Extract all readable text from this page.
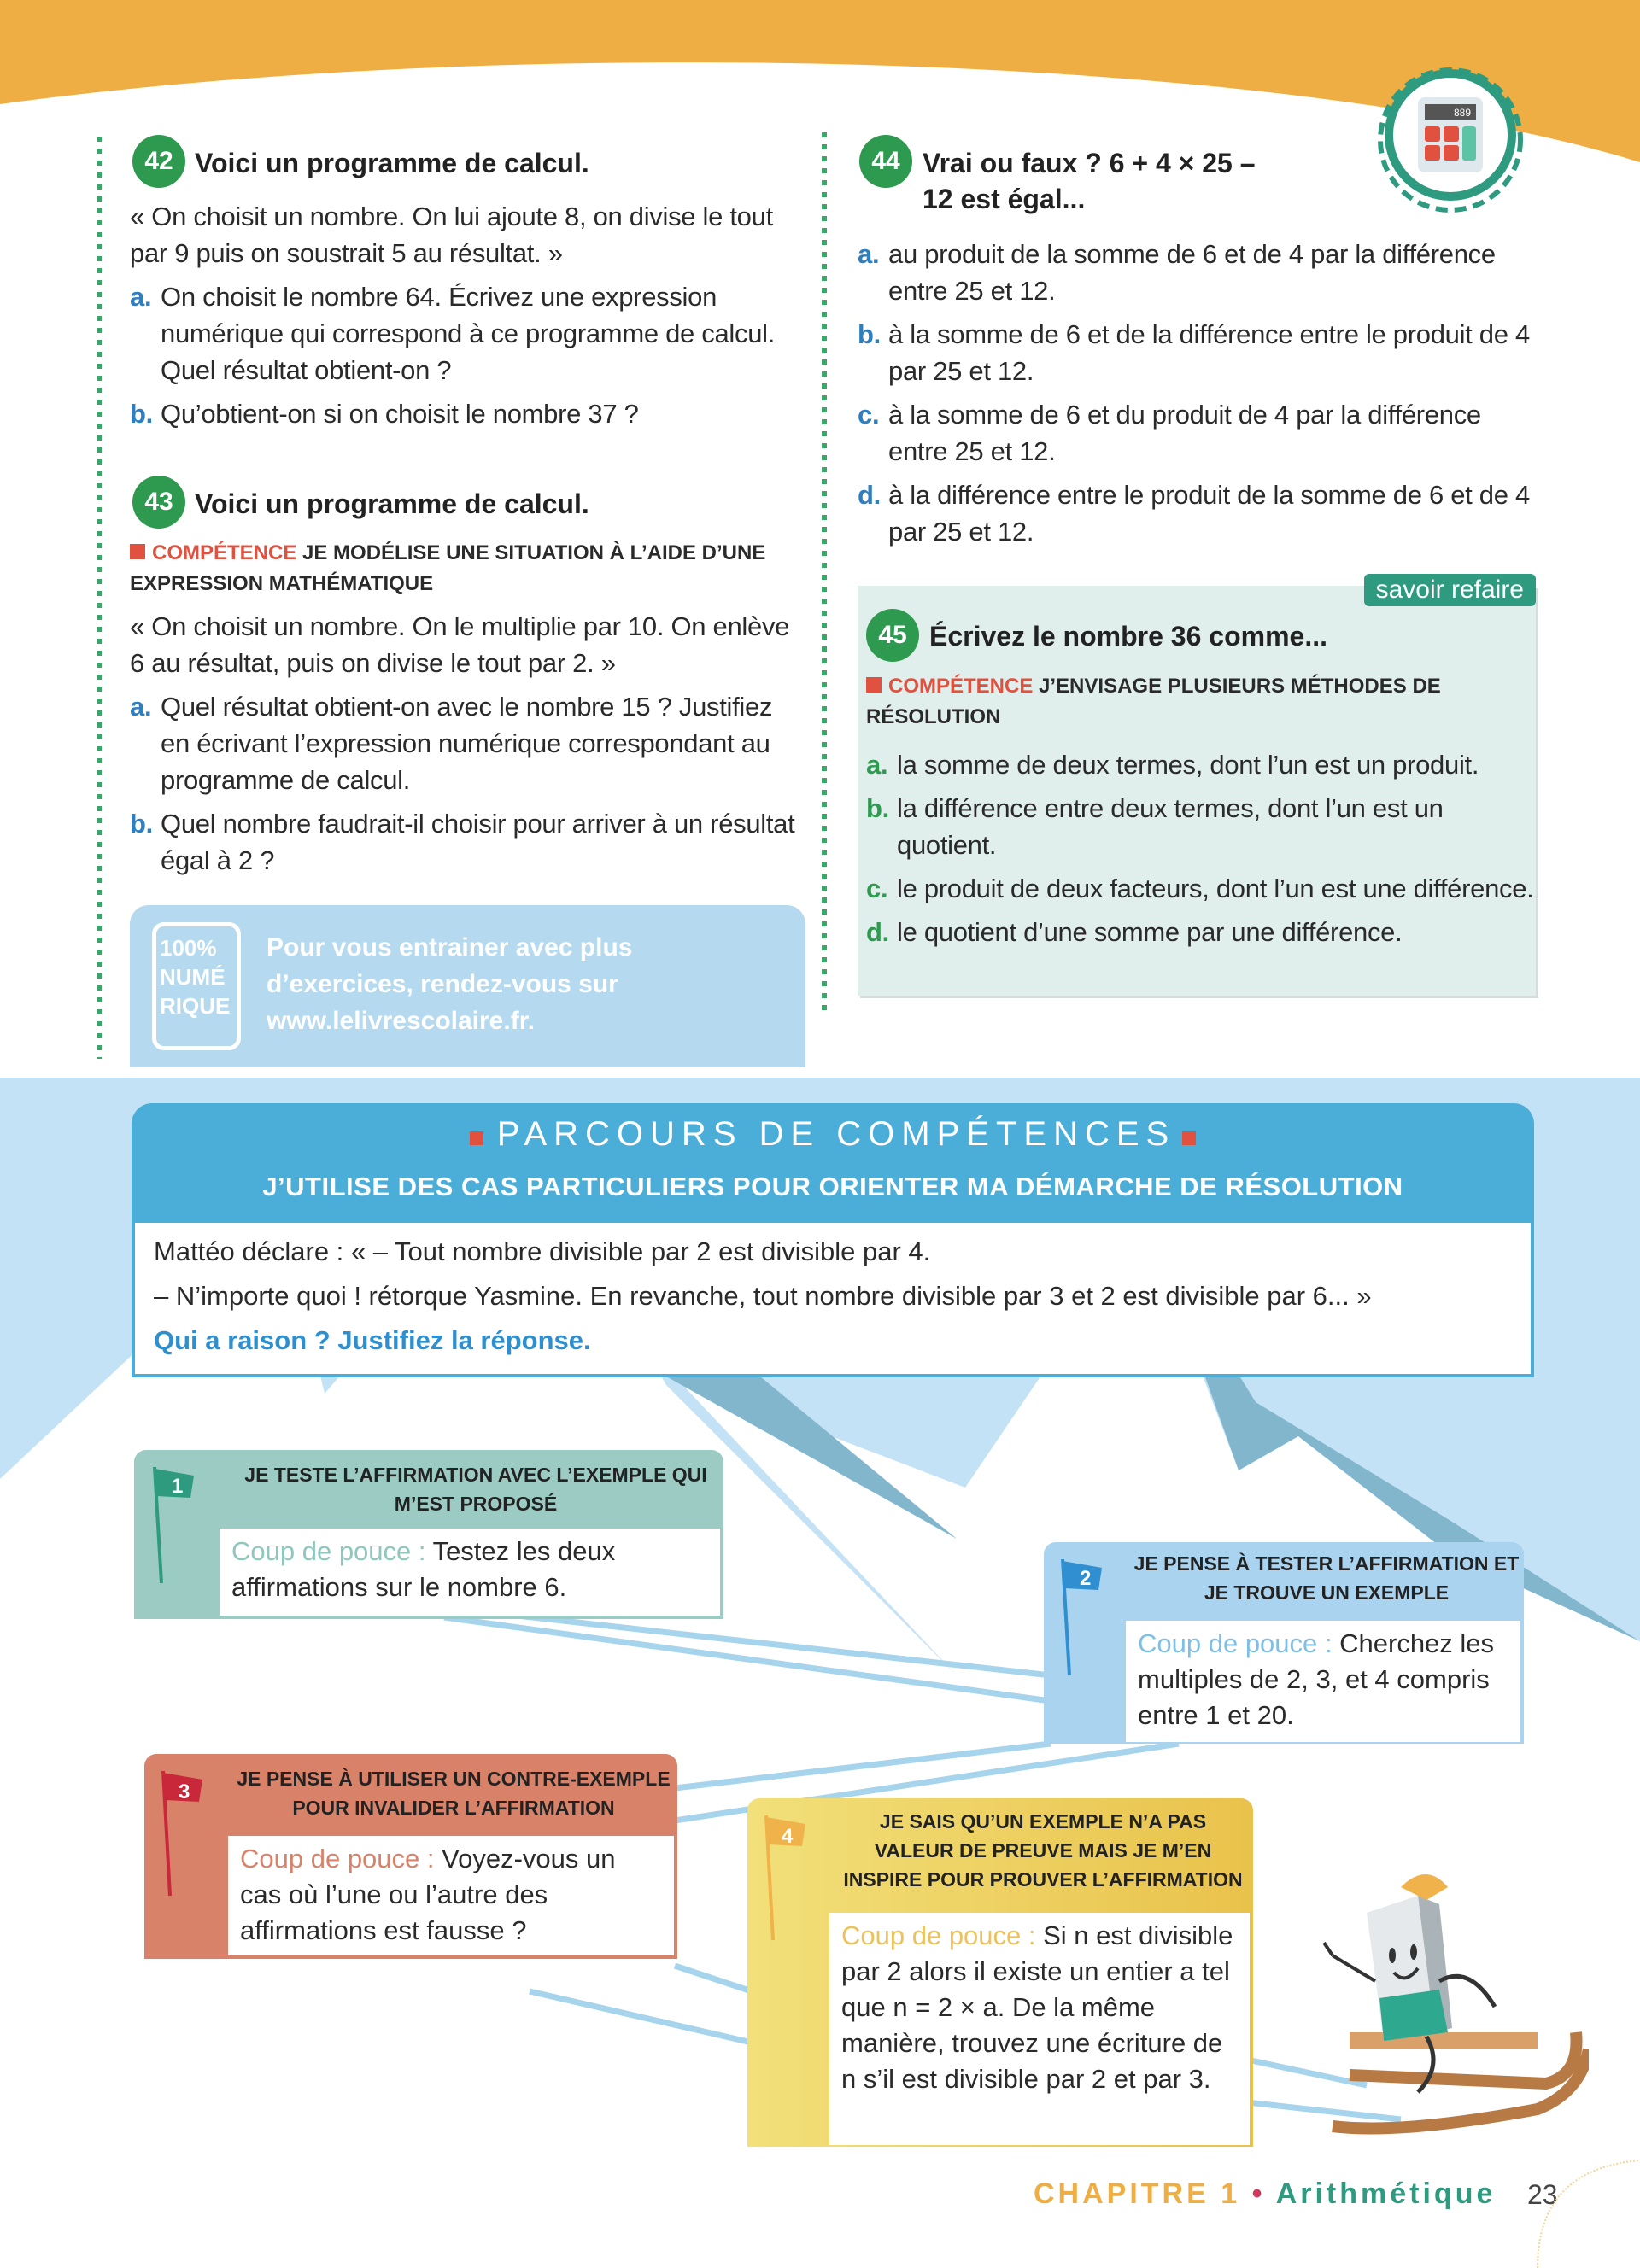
42 Voici un programme de calcul.
« On choisit un nombre. On lui ajoute 8, on divise le tout par 9 puis on soustrait 5 au résultat. »
a. On choisit le nombre 64. Écrivez une expression numérique qui correspond à ce programme de calcul. Quel résultat obtient-on ?
b. Qu’obtient-on si on choisit le nombre 37 ?
43 Voici un programme de calcul.
COMPÉTENCE JE MODÉLISE UNE SITUATION À L’AIDE D’UNE EXPRESSION MATHÉMATIQUE
« On choisit un nombre. On le multiplie par 10. On enlève 6 au résultat, puis on divise le tout par 2. »
a. Quel résultat obtient-on avec le nombre 15 ? Justifiez en écrivant l’expression numérique correspondant au programme de calcul.
b. Quel nombre faudrait-il choisir pour arriver à un résultat égal à 2 ?
100% NUMÉ RIQUE
Pour vous entrainer avec plus d’exercices, rendez-vous sur www.lelivrescolaire.fr.
889
44 Vrai ou faux ? 6 + 4 × 25 – 12 est égal...
a. au produit de la somme de 6 et de 4 par la différence entre 25 et 12.
b. à la somme de 6 et de la différence entre le produit de 4 par 25 et 12.
c. à la somme de 6 et du produit de 4 par la différence entre 25 et 12.
d. à la différence entre le produit de la somme de 6 et de 4 par 25 et 12.
savoir refaire
45 Écrivez le nombre 36 comme...
COMPÉTENCE J’ENVISAGE PLUSIEURS MÉTHODES DE RÉSOLUTION
a. la somme de deux termes, dont l’un est un produit.
b. la différence entre deux termes, dont l’un est un quotient.
c. le produit de deux facteurs, dont l’un est une différence.
d. le quotient d’une somme par une différence.
PARCOURS DE COMPÉTENCES
J’UTILISE DES CAS PARTICULIERS POUR ORIENTER MA DÉMARCHE DE RÉSOLUTION
Mattéo déclare : « – Tout nombre divisible par 2 est divisible par 4.
– N’importe quoi ! rétorque Yasmine. En revanche, tout nombre divisible par 3 et 2 est divisible par 6... »
Qui a raison ? Justifiez la réponse.
1	JE TESTE L’AFFIRMATION AVEC L’EXEMPLE QUI M’EST PROPOSÉ
Coup de pouce : Testez les deux affirmations sur le nombre 6.	2
JE PENSE À TESTER L’AFFIRMATION ET JE TROUVE UN EXEMPLE
Coup de pouce : Cherchez les multiples de 2, 3, et 4 compris entre 1 et 20.
3
JE PENSE À UTILISER UN CONTRE-EXEMPLE POUR INVALIDER L’AFFIRMATION
Coup de pouce : Voyez-vous un cas où l’une ou l’autre des affirmations est fausse ?
4
JE SAIS QU’UN EXEMPLE N’A PAS VALEUR DE PREUVE MAIS JE M’EN INSPIRE POUR PROUVER L’AFFIRMATION
Coup de pouce : Si n est divisible par 2 alors il existe un entier a tel que n = 2 × a. De la même manière, trouvez une écriture de n s’il est divisible par 2 et par 3.
CHAPITRE 1 • Arithmétique 23
